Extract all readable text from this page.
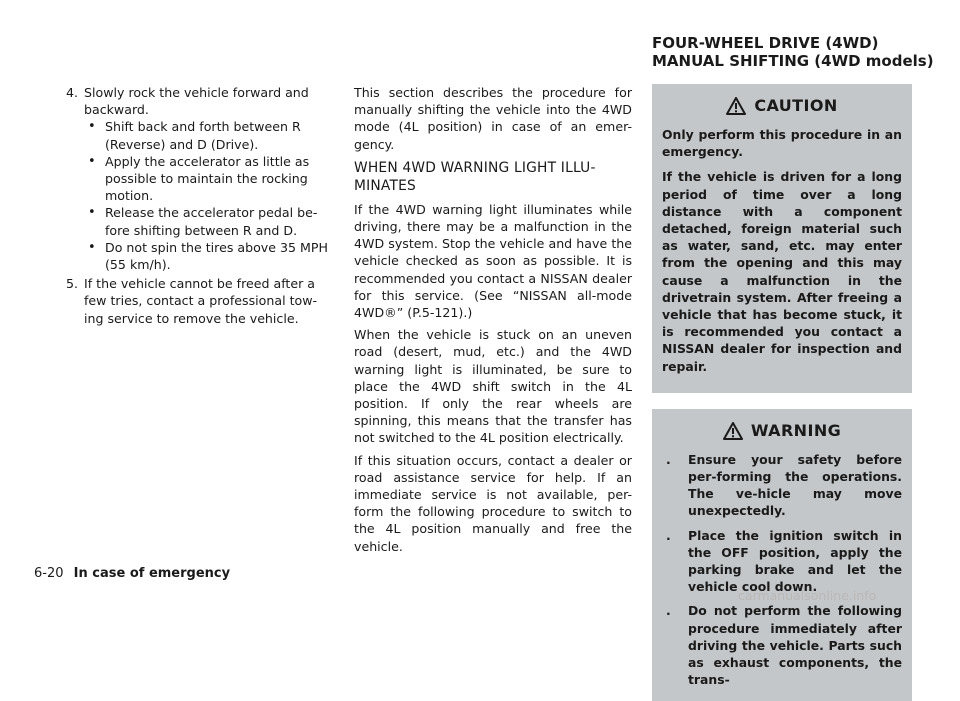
FOUR-WHEEL DRIVE (4WD)
MANUAL SHIFTING (4WD models)
4. Slowly rock the vehicle forward and backward.
• Shift back and forth between R (Reverse) and D (Drive).
• Apply the accelerator as little as possible to maintain the rocking motion.
• Release the accelerator pedal be-fore shifting between R and D.
• Do not spin the tires above 35 MPH (55 km/h).
5. If the vehicle cannot be freed after a few tries, contact a professional tow-ing service to remove the vehicle.

This section describes the procedure for manually shifting the vehicle into the 4WD mode (4L position) in case of an emer-gency.

WHEN 4WD WARNING LIGHT ILLU-MINATES

If the 4WD warning light illuminates while driving, there may be a malfunction in the 4WD system. Stop the vehicle and have the vehicle checked as soon as possible. It is recommended you contact a NISSAN dealer for this service. (See “NISSAN all-mode 4WD®” (P.5-121).)

When the vehicle is stuck on an uneven road (desert, mud, etc.) and the 4WD warning light is illuminated, be sure to place the 4WD shift switch in the 4L position. If only the rear wheels are spinning, this means that the transfer has not switched to the 4L position electrically.

If this situation occurs, contact a dealer or road assistance service for help. If an immediate service is not available, per-form the following procedure to switch to the 4L position manually and free the vehicle.

CAUTION

Only perform this procedure in an emergency.

If the vehicle is driven for a long period of time over a long distance with a component detached, foreign material such as water, sand, etc. may enter from the opening and this may cause a malfunction in the drivetrain system. After freeing a vehicle that has become stuck, it is recommended you contact a NISSAN dealer for inspection and repair.

WARNING
. Ensure your safety before per-forming the operations. The ve-hicle may move unexpectedly.
. Place the ignition switch in the OFF position, apply the parking brake and let the vehicle cool down.
. Do not perform the following procedure immediately after driving the vehicle. Parts such as exhaust components, the trans-
6-20 In case of emergency
carmanualsonline.info
